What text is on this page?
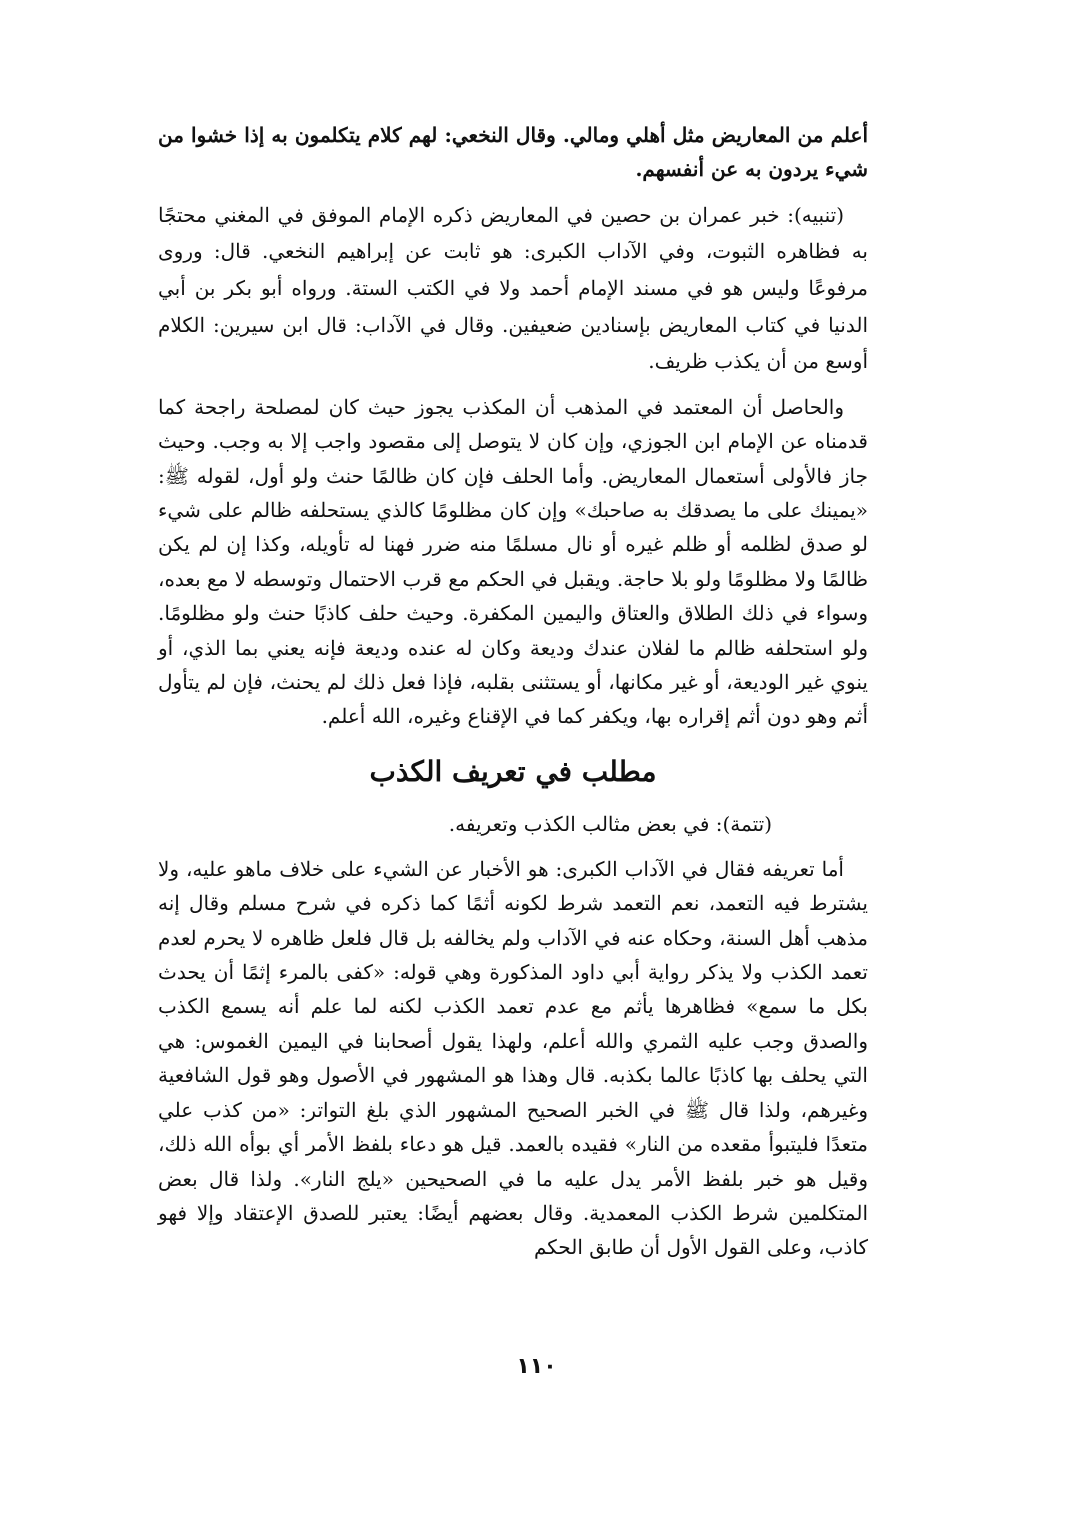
أعلم من المعاريض مثل أهلي ومالي. وقال النخعي: لهم كلام يتكلمون به إذا خشوا من شيء يردون به عن أنفسهم.

(تنبيه): خبر عمران بن حصين في المعاريض ذكره الإمام الموفق في المغني محتجًا به فظاهره الثبوت، وفي الآداب الكبرى: هو ثابت عن إبراهيم النخعي. قال: وروى مرفوعًا وليس هو في مسند الإمام أحمد ولا في الكتب الستة. ورواه أبو بكر بن أبي الدنيا في كتاب المعاريض بإسنادين ضعيفين. وقال في الآداب: قال ابن سيرين: الكلام أوسع من أن يكذب ظريف.

والحاصل أن المعتمد في المذهب أن المكذب يجوز حيث كان لمصلحة راجحة كما قدمناه عن الإمام ابن الجوزي، وإن كان لا يتوصل إلى مقصود واجب إلا به وجب. وحيث جاز فالأولى أستعمال المعاريض. وأما الحلف فإن كان ظالمًا حنث ولو أول، لقوله ﷺ: «يمينك على ما يصدقك به صاحبك» وإن كان مظلومًا كالذي يستحلفه ظالم على شيء لو صدق لظلمه أو ظلم غيره أو نال مسلمًا منه ضرر فهنا له تأويله، وكذا إن لم يكن ظالمًا ولا مظلومًا ولو بلا حاجة. ويقبل في الحكم مع قرب الاحتمال وتوسطه لا مع بعده، وسواء في ذلك الطلاق والعتاق واليمين المكفرة. وحيث حلف كاذبًا حنث ولو مظلومًا. ولو استحلفه ظالم ما لفلان عندك وديعة وكان له عنده وديعة فإنه يعني بما الذي، أو ينوي غير الوديعة، أو غير مكانها، أو يستثنى بقلبه، فإذا فعل ذلك لم يحنث، فإن لم يتأول أثم وهو دون أثم إقراره بها، ويكفر كما في الإقناع وغيره، الله أعلم.

مطلب في تعريف الكذب

(تتمة): في بعض مثالب الكذب وتعريفه.

أما تعريفه فقال في الآداب الكبرى: هو الأخبار عن الشيء على خلاف ماهو عليه، ولا يشترط فيه التعمد، نعم التعمد شرط لكونه أثمًا كما ذكره في شرح مسلم وقال إنه مذهب أهل السنة، وحكاه عنه في الآداب ولم يخالفه بل قال فلعل ظاهره لا يحرم لعدم تعمد الكذب ولا يذكر رواية أبي داود المذكورة وهي قوله: «كفى بالمرء إثمًا أن يحدث بكل ما سمع» فظاهرها يأثم مع عدم تعمد الكذب لكنه لما علم أنه يسمع الكذب والصدق وجب عليه الثمري والله أعلم، ولهذا يقول أصحابنا في اليمين الغموس: هي التي يحلف بها كاذبًا عالما بكذبه. قال وهذا هو المشهور في الأصول وهو قول الشافعية وغيرهم، ولذا قال ﷺ في الخبر الصحيح المشهور الذي بلغ التواتر: «من كذب علي متعدًا فليتبوأ مقعده من النار» فقيده بالعمد. قيل هو دعاء بلفظ الأمر أي بوأه الله ذلك، وقيل هو خبر بلفظ الأمر يدل عليه ما في الصحيحين «يلج النار». ولذا قال بعض المتكلمين شرط الكذب المعمدية. وقال بعضهم أيضًا: يعتبر للصدق الإعتقاد وإلا فهو كاذب، وعلى القول الأول أن طابق الحكم

١١٠
